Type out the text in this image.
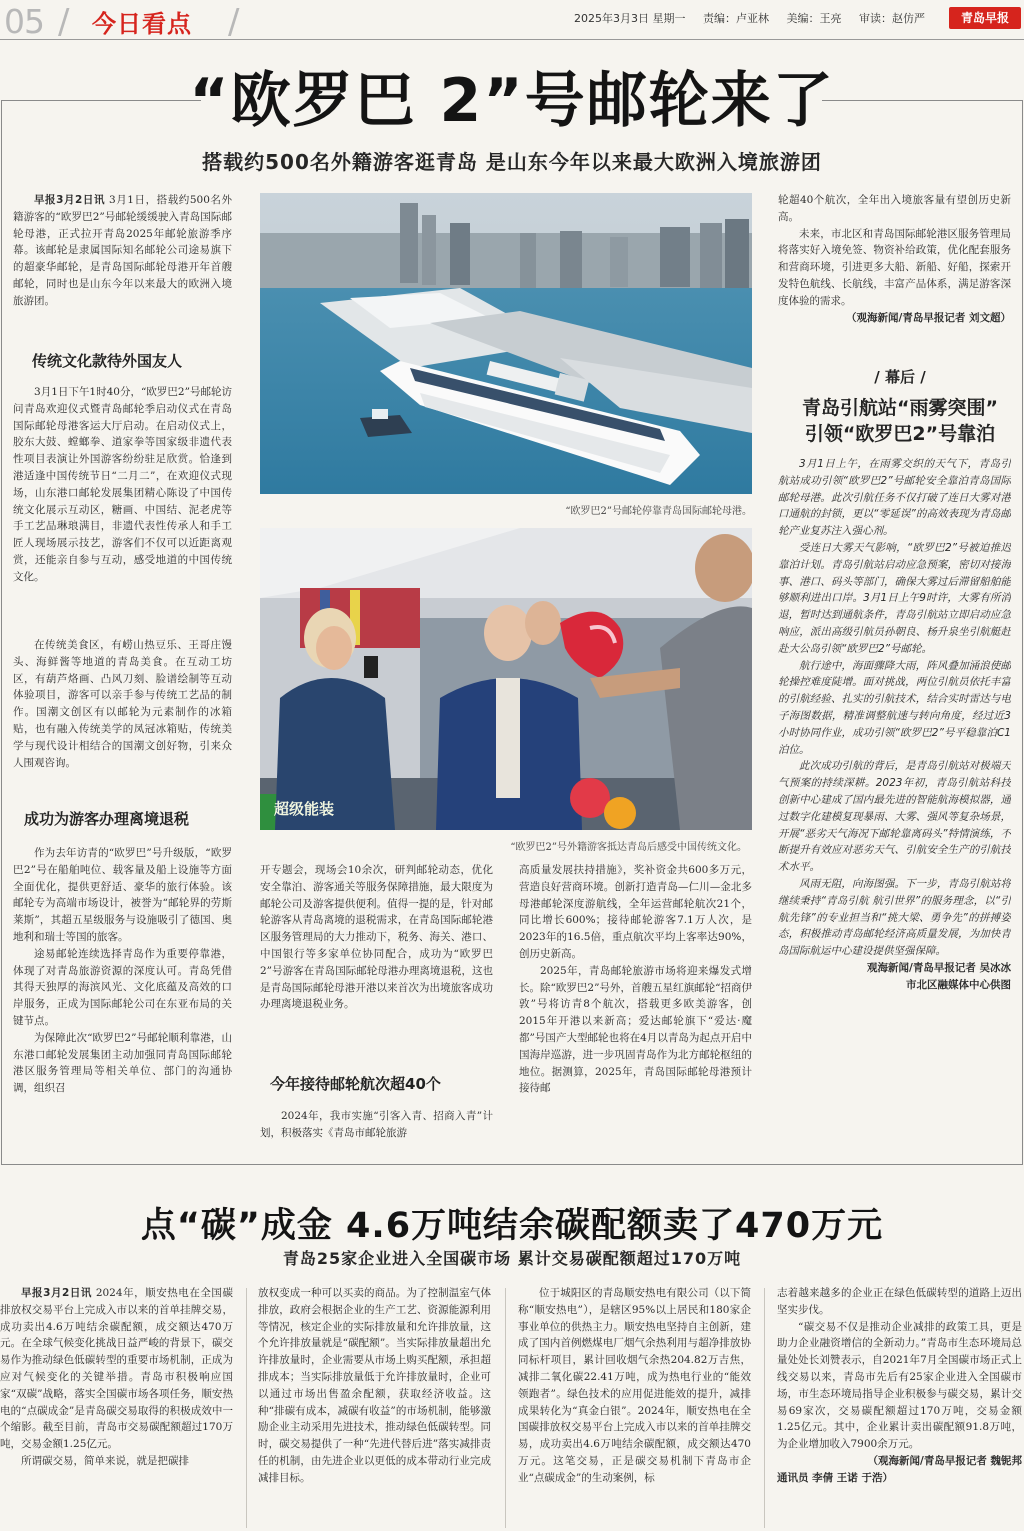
05 / 今日看点 /	2025年3月3日 星期一 责编：卢亚林 美编：王亮 审读：赵仿严	青岛早报
“欧罗巴 2”号邮轮来了
搭载约500名外籍游客逛青岛 是山东今年以来最大欧洲入境旅游团

早报3月2日讯 3月1日，搭载约500名外籍游客的“欧罗巴2”号邮轮缓缓驶入青岛国际邮轮母港，正式拉开青岛2025年邮轮旅游季序幕。该邮轮是隶属国际知名邮轮公司途易旗下的超豪华邮轮，是青岛国际邮轮母港开年首艘邮轮，同时也是山东今年以来最大的欧洲入境旅游团。

传统文化款待外国友人

3月1日下午1时40分，“欧罗巴2”号邮轮访问青岛欢迎仪式暨青岛邮轮季启动仪式在青岛国际邮轮母港客运大厅启动。在启动仪式上，胶东大鼓、螳螂拳、道家拳等国家级非遗代表性项目表演让外国游客纷纷驻足欣赏。恰逢到港适逢中国传统节日“二月二”，在欢迎仪式现场，山东港口邮轮发展集团精心陈设了中国传统文化展示互动区，糖画、中国结、泥老虎等手工艺品琳琅满目，非遗代表性传承人和手工匠人现场展示技艺，游客们不仅可以近距离观赏，还能亲自参与互动，感受地道的中国传统文化。

在传统美食区，有崂山热豆乐、王哥庄馒头、海鲜酱等地道的青岛美食。在互动工坊区，有葫芦烙画、凸风刀刻、脸谱绘制等互动体验项目，游客可以亲手参与传统工艺品的制作。国潮文创区有以邮轮为元素制作的冰箱贴，也有融入传统美学的凤冠冰箱贴，传统美学与现代设计相结合的国潮文创好物，引来众人围观咨询。

成功为游客办理离境退税

作为去年访青的“欧罗巴”号升级版，“欧罗巴2”号在船舶吨位、载客量及船上设施等方面全面优化，提供更舒适、豪华的旅行体验。该邮轮专为高端市场设计，被誉为“邮轮界的劳斯莱斯”，其超五星级服务与设施吸引了德国、奥地利和瑞士等国的旅客。

途易邮轮连续选择青岛作为重要停靠港，体现了对青岛旅游资源的深度认可。青岛凭借其得天独厚的海滨风光、文化底蕴及高效的口岸服务，正成为国际邮轮公司在东亚布局的关键节点。

为保障此次“欧罗巴2”号邮轮顺利靠港，山东港口邮轮发展集团主动加强同青岛国际邮轮港区服务管理局等相关单位、部门的沟通协调，组织召

“欧罗巴2”号邮轮停靠青岛国际邮轮母港。
超级能装
“欧罗巴2”号外籍游客抵达青岛后感受中国传统文化。

开专题会，现场会10余次，研判邮轮动态，优化安全靠泊、游客通关等服务保障措施，最大限度为邮轮公司及游客提供便利。值得一提的是，针对邮轮游客从青岛离境的退税需求，在青岛国际邮轮港区服务管理局的大力推动下，税务、海关、港口、中国银行等多家单位协同配合，成功为“欧罗巴2”号游客在青岛国际邮轮母港办理离境退税，这也是青岛国际邮轮母港开港以来首次为出境旅客成功办理离境退税业务。

今年接待邮轮航次超40个

2024年，我市实施“引客入青、招商入青”计划，积极落实《青岛市邮轮旅游

高质量发展扶持措施》，奖补资金共600多万元，营造良好营商环境。创新打造青岛—仁川—金北多母港邮轮深度游航线，全年运营邮轮航次21个，同比增长600%；接待邮轮游客7.1万人次，是2023年的16.5倍，重点航次平均上客率达90%，创历史新高。

2025年，青岛邮轮旅游市场将迎来爆发式增长。除“欧罗巴2”号外，首艘五星红旗邮轮“招商伊敦”号将访青8个航次，搭载更多欧美游客，创2015年开港以来新高；爱达邮轮旗下“爱达·魔都”号国产大型邮轮也将在4月以青岛为起点开启中国海岸巡游，进一步巩固青岛作为北方邮轮枢纽的地位。据测算，2025年，青岛国际邮轮母港预计接待邮

轮超40个航次，全年出入境旅客量有望创历史新高。

未来，市北区和青岛国际邮轮港区服务管理局将落实好入境免签、物资补给政策，优化配套服务和营商环境，引进更多大船、新船、好船，探索开发特色航线、长航线，丰富产品体系，满足游客深度体验的需求。

（观海新闻/青岛早报记者 刘文超）
/ 幕后 /
青岛引航站“雨雾突围”
引领“欧罗巴2”号靠泊

3月1日上午，在雨雾交织的天气下，青岛引航站成功引领“欧罗巴2”号邮轮安全靠泊青岛国际邮轮母港。此次引航任务不仅打破了连日大雾对港口通航的封锁，更以“零延误”的高效表现为青岛邮轮产业复苏注入强心剂。

受连日大雾天气影响，“欧罗巴2”号被迫推迟靠泊计划。青岛引航站启动应急预案，密切对接海事、港口、码头等部门，确保大雾过后滞留船舶能够顺利进出口岸。3月1日上午9时许，大雾有所消退，暂时达到通航条件，青岛引航站立即启动应急响应，派出高级引航员孙朝良、杨升泉坐引航艇赶赴大公岛引领“欧罗巴2”号邮轮。

航行途中，海面骤降大雨，阵风叠加涌浪使邮轮操控难度陡增。面对挑战，两位引航员依托丰富的引航经验、扎实的引航技术，结合实时雷达与电子海图数据，精准调整航速与转向角度，经过近3小时协同作业，成功引领“欧罗巴2”号平稳靠泊C1泊位。

此次成功引航的背后，是青岛引航站对极端天气预案的持续深耕。2023年初，青岛引航站科技创新中心建成了国内最先进的智能航海模拟器，通过数字化建模复现暴雨、大雾、强风等复杂场景，开展“恶劣天气海况下邮轮靠离码头”特情演练，不断提升有效应对恶劣天气、引航安全生产的引航技术水平。

风雨无阻，向海图强。下一步，青岛引航站将继续秉持“青岛引航 航引世界”的服务理念，以“引航先锋”的专业担当和“挑大梁、勇争先”的拼搏姿态，积极推动青岛邮轮经济高质量发展，为加快青岛国际航运中心建设提供坚强保障。

观海新闻/青岛早报记者 吴冰冰
市北区融媒体中心供图
点“碳”成金 4.6万吨结余碳配额卖了470万元
青岛25家企业进入全国碳市场 累计交易碳配额超过170万吨

早报3月2日讯 2024年，顺安热电在全国碳排放权交易平台上完成入市以来的首单挂牌交易，成功卖出4.6万吨结余碳配额，成交额达470万元。在全球气候变化挑战日益严峻的背景下，碳交易作为推动绿色低碳转型的重要市场机制，正成为应对气候变化的关键举措。青岛市积极响应国家“双碳”战略，落实全国碳市场各项任务，顺安热电的“点碳成金”是青岛碳交易取得的积极成效中一个缩影。截至目前，青岛市交易碳配额超过170万吨，交易金额1.25亿元。

所谓碳交易，简单来说，就是把碳排

放权变成一种可以买卖的商品。为了控制温室气体排放，政府会根据企业的生产工艺、资源能源利用等情况，核定企业的实际排放量和允许排放量，这个允许排放量就是“碳配额”。当实际排放量超出允许排放量时，企业需要从市场上购买配额，承担超排成本；当实际排放量低于允许排放量时，企业可以通过市场出售盈余配额，获取经济收益。这种“排碳有成本，减碳有收益”的市场机制，能够激励企业主动采用先进技术，推动绿色低碳转型。同时，碳交易提供了一种“先进代替后进”落实减排责任的机制，由先进企业以更低的成本带动行业完成减排目标。

位于城阳区的青岛顺安热电有限公司（以下简称“顺安热电”），是辖区95%以上居民和180家企事业单位的供热主力。顺安热电坚持自主创新，建成了国内首例燃煤电厂烟气余热利用与超净排放协同标杆项目，累计回收烟气余热204.82万吉焦，减排二氧化碳22.41万吨，成为热电行业的“能效领跑者”。绿色技术的应用促进能效的提升，减排成果转化为“真金白银”。2024年，顺安热电在全国碳排放权交易平台上完成入市以来的首单挂牌交易，成功卖出4.6万吨结余碳配额，成交额达470万元。这笔交易，正是碳交易机制下青岛市企业“点碳成金”的生动案例，标

志着越来越多的企业正在绿色低碳转型的道路上迈出坚实步伐。

“碳交易不仅是推动企业减排的政策工具，更是助力企业融资增信的全新动力。”青岛市生态环境局总量处处长刘赞表示，自2021年7月全国碳市场正式上线交易以来，青岛市先后有25家企业进入全国碳市场，市生态环境局指导企业积极参与碳交易，累计交易69家次，交易碳配额超过170万吨，交易金额1.25亿元。其中，企业累计卖出碳配额91.8万吨，为企业增加收入7900余万元。

（观海新闻/青岛早报记者 魏铌邦
通讯员 李倩 王诺 于浩）
